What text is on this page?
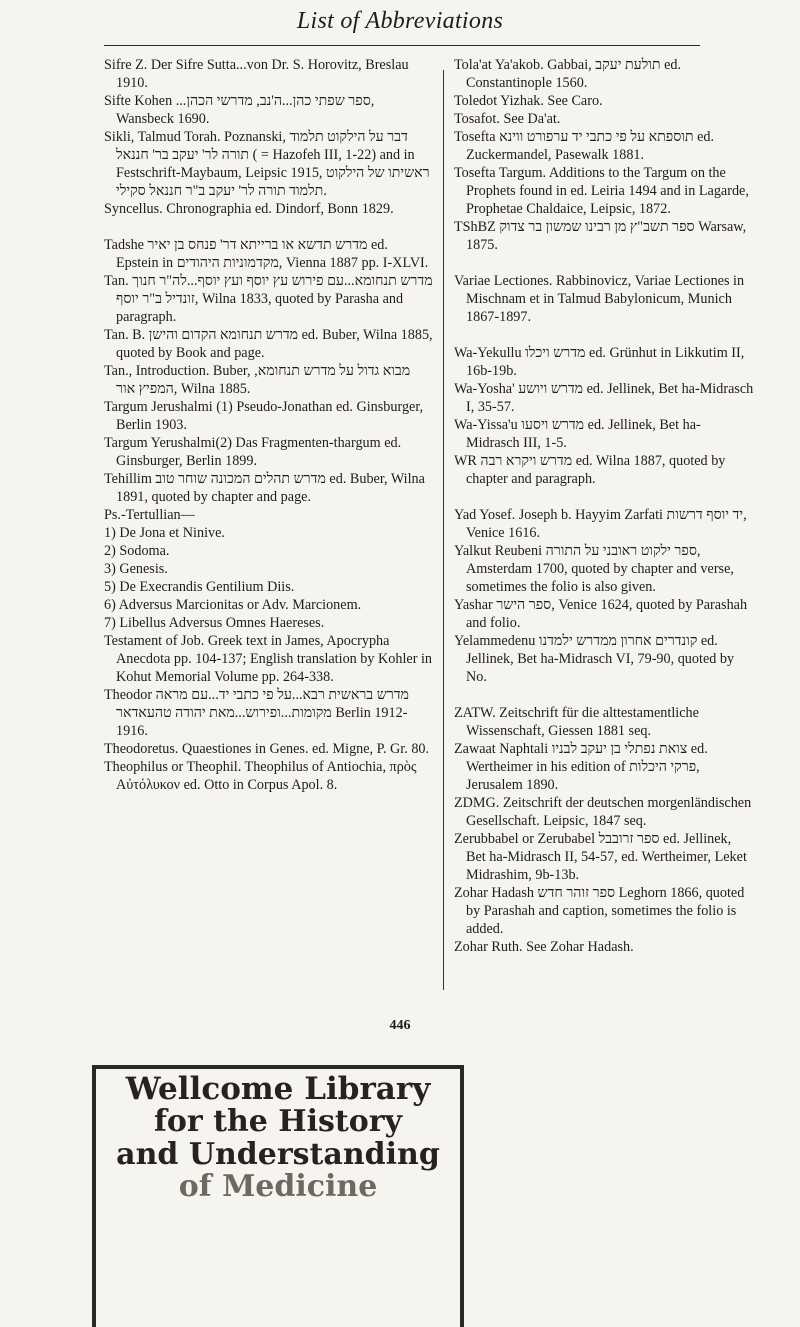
List of Abbreviations

Sifre Z. Der Sifre Sutta...von Dr. S. Horovitz, Breslau 1910.

Sifte Kohen ...ספר שפתי כהן...ה'נב, מדרשי הכהן, Wansbeck 1690.

Sikli, Talmud Torah. Poznanski, דבר על הילקוט תלמוד תורה לר' יעקב בר' חננאל ( = Hazofeh III, 1-22) and in Festschrift-Maybaum, Leipsic 1915, ראשיתו של הילקוט תלמוד תורה לר' יעקב ב"ר חננאל סקילי.

Syncellus. Chronographia ed. Dindorf, Bonn 1829.

Tadshe מדרש תדשא או ברייתא דר' פנחס בן יאיר ed. Epstein in מקדמוניות היהודים, Vienna 1887 pp. I-XLVI.

Tan. מדרש תנחומא...עם פירוש עץ יוסף ועץ יוסף...לה"ר חנוך זונדיל ב"ר יוסף, Wilna 1833, quoted by Parasha and paragraph.

Tan. B. מדרש תנחומא הקדום והישן ed. Buber, Wilna 1885, quoted by Book and page.

Tan., Introduction. Buber, מבוא גדול על מדרש תנחומא, המפיץ אור, Wilna 1885.

Targum Jerushalmi (1) Pseudo-Jonathan ed. Ginsburger, Berlin 1903.

Targum Yerushalmi(2) Das Fragmenten-thargum ed. Ginsburger, Berlin 1899.

Tehillim מדרש תהלים המכונה שוחר טוב ed. Buber, Wilna 1891, quoted by chapter and page.

Ps.-Tertullian—

1) De Jona et Ninive.
2) Sodoma.
3) Genesis.
5) De Execrandis Gentilium Diis.
6) Adversus Marcionitas or Adv. Marcionem.
7) Libellus Adversus Omnes Haereses.

Testament of Job. Greek text in James, Apocrypha Anecdota pp. 104-137; English translation by Kohler in Kohut Memorial Volume pp. 264-338.

Theodor מדרש בראשית רבא...על פי כתבי יד...עם מראה מקומות...ופירוש...מאת יהודה טהעאדאר Berlin 1912-1916.

Theodoretus. Quaestiones in Genes. ed. Migne, P. Gr. 80.

Theophilus or Theophil. Theophilus of Antiochia, πρὸς Αὐτόλυκον ed. Otto in Corpus Apol. 8.

Tola'at Ya'akob. Gabbai, תולעת יעקב ed. Constantinople 1560.

Toledot Yizhak. See Caro.

Tosafot. See Da'at.

Tosefta תוספתא על פי כתבי יד ערפורט ווינא ed. Zuckermandel, Pasewalk 1881.

Tosefta Targum. Additions to the Targum on the Prophets found in ed. Leiria 1494 and in Lagarde, Prophetae Chaldaice, Leipsic, 1872.

TShBZ ספר תשב"ץ מן רבינו שמשון בר צדוק Warsaw, 1875.

Variae Lectiones. Rabbinovicz, Variae Lectiones in Mischnam et in Talmud Babylonicum, Munich 1867-1897.

Wa-Yekullu מדרש ויכלו ed. Grünhut in Likkutim II, 16b-19b.

Wa-Yosha' מדרש ויושע ed. Jellinek, Bet ha-Midrasch I, 35-57.

Wa-Yissa'u מדרש ויסעו ed. Jellinek, Bet ha-Midrasch III, 1-5.

WR מדרש ויקרא רבה ed. Wilna 1887, quoted by chapter and paragraph.

Yad Yosef. Joseph b. Hayyim Zarfati יד יוסף דרשות, Venice 1616.

Yalkut Reubeni ספר ילקוט ראובני על התורה, Amsterdam 1700, quoted by chapter and verse, sometimes the folio is also given.

Yashar ספר הישר, Venice 1624, quoted by Parashah and folio.

Yelammedenu קונדרים אחרון ממדרש ילמדנו ed. Jellinek, Bet ha-Midrasch VI, 79-90, quoted by No.

ZATW. Zeitschrift für die alttestamentliche Wissenschaft, Giessen 1881 seq.

Zawaat Naphtali צואת נפתלי בן יעקב לבניו ed. Wertheimer in his edition of פרקי היכלות, Jerusalem 1890.

ZDMG. Zeitschrift der deutschen morgenländischen Gesellschaft. Leipsic, 1847 seq.

Zerubbabel or Zerubabel ספר זרובבל ed. Jellinek, Bet ha-Midrasch II, 54-57, ed. Wertheimer, Leket Midrashim, 9b-13b.

Zohar Hadash ספר זוהר חדש Leghorn 1866, quoted by Parashah and caption, sometimes the folio is added.

Zohar Ruth. See Zohar Hadash.

446
Wellcome Library
for the History
and Understanding
of Medicine
